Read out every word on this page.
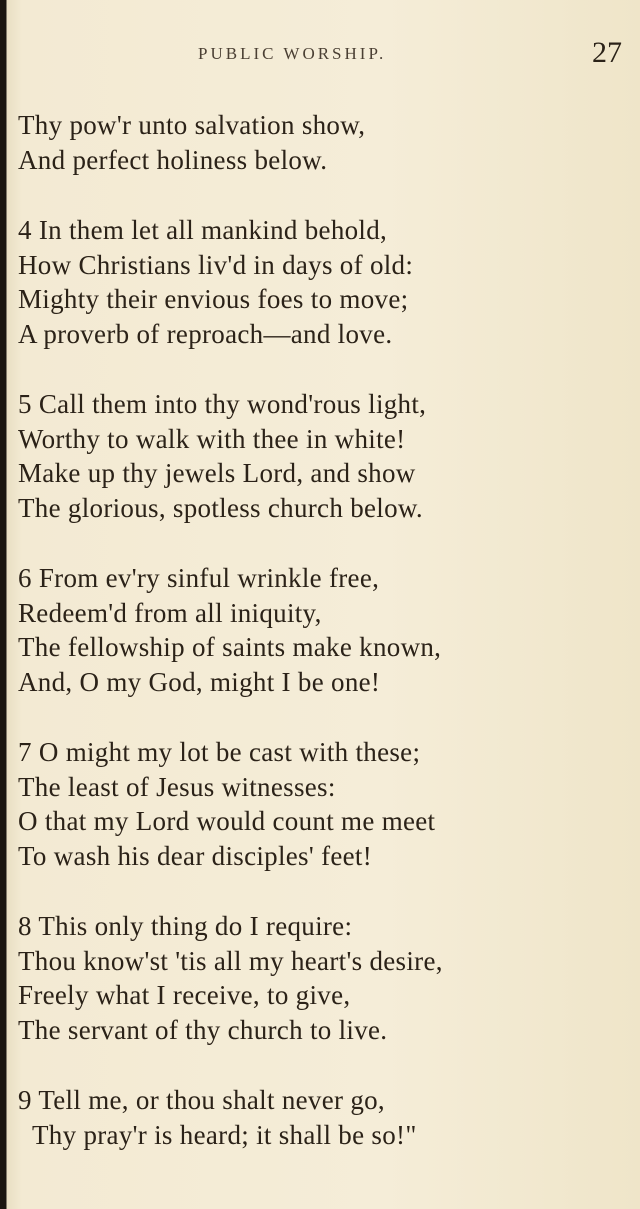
PUBLIC WORSHIP.	27
Thy pow'r unto salvation show,
And perfect holiness below.
4 In them let all mankind behold,
How Christians liv'd in days of old:
Mighty their envious foes to move;
A proverb of reproach—and love.
5 Call them into thy wond'rous light,
Worthy to walk with thee in white!
Make up thy jewels Lord, and show
The glorious, spotless church below.
6 From ev'ry sinful wrinkle free,
Redeem'd from all iniquity,
The fellowship of saints make known,
And, O my God, might I be one!
7 O might my lot be cast with these;
The least of Jesus witnesses:
O that my Lord would count me meet
To wash his dear disciples' feet!
8 This only thing do I require:
Thou know'st 'tis all my heart's desire,
Freely what I receive, to give,
The servant of thy church to live.
9 Tell me, or thou shalt never go,
Thy pray'r is heard; it shall be so!"
